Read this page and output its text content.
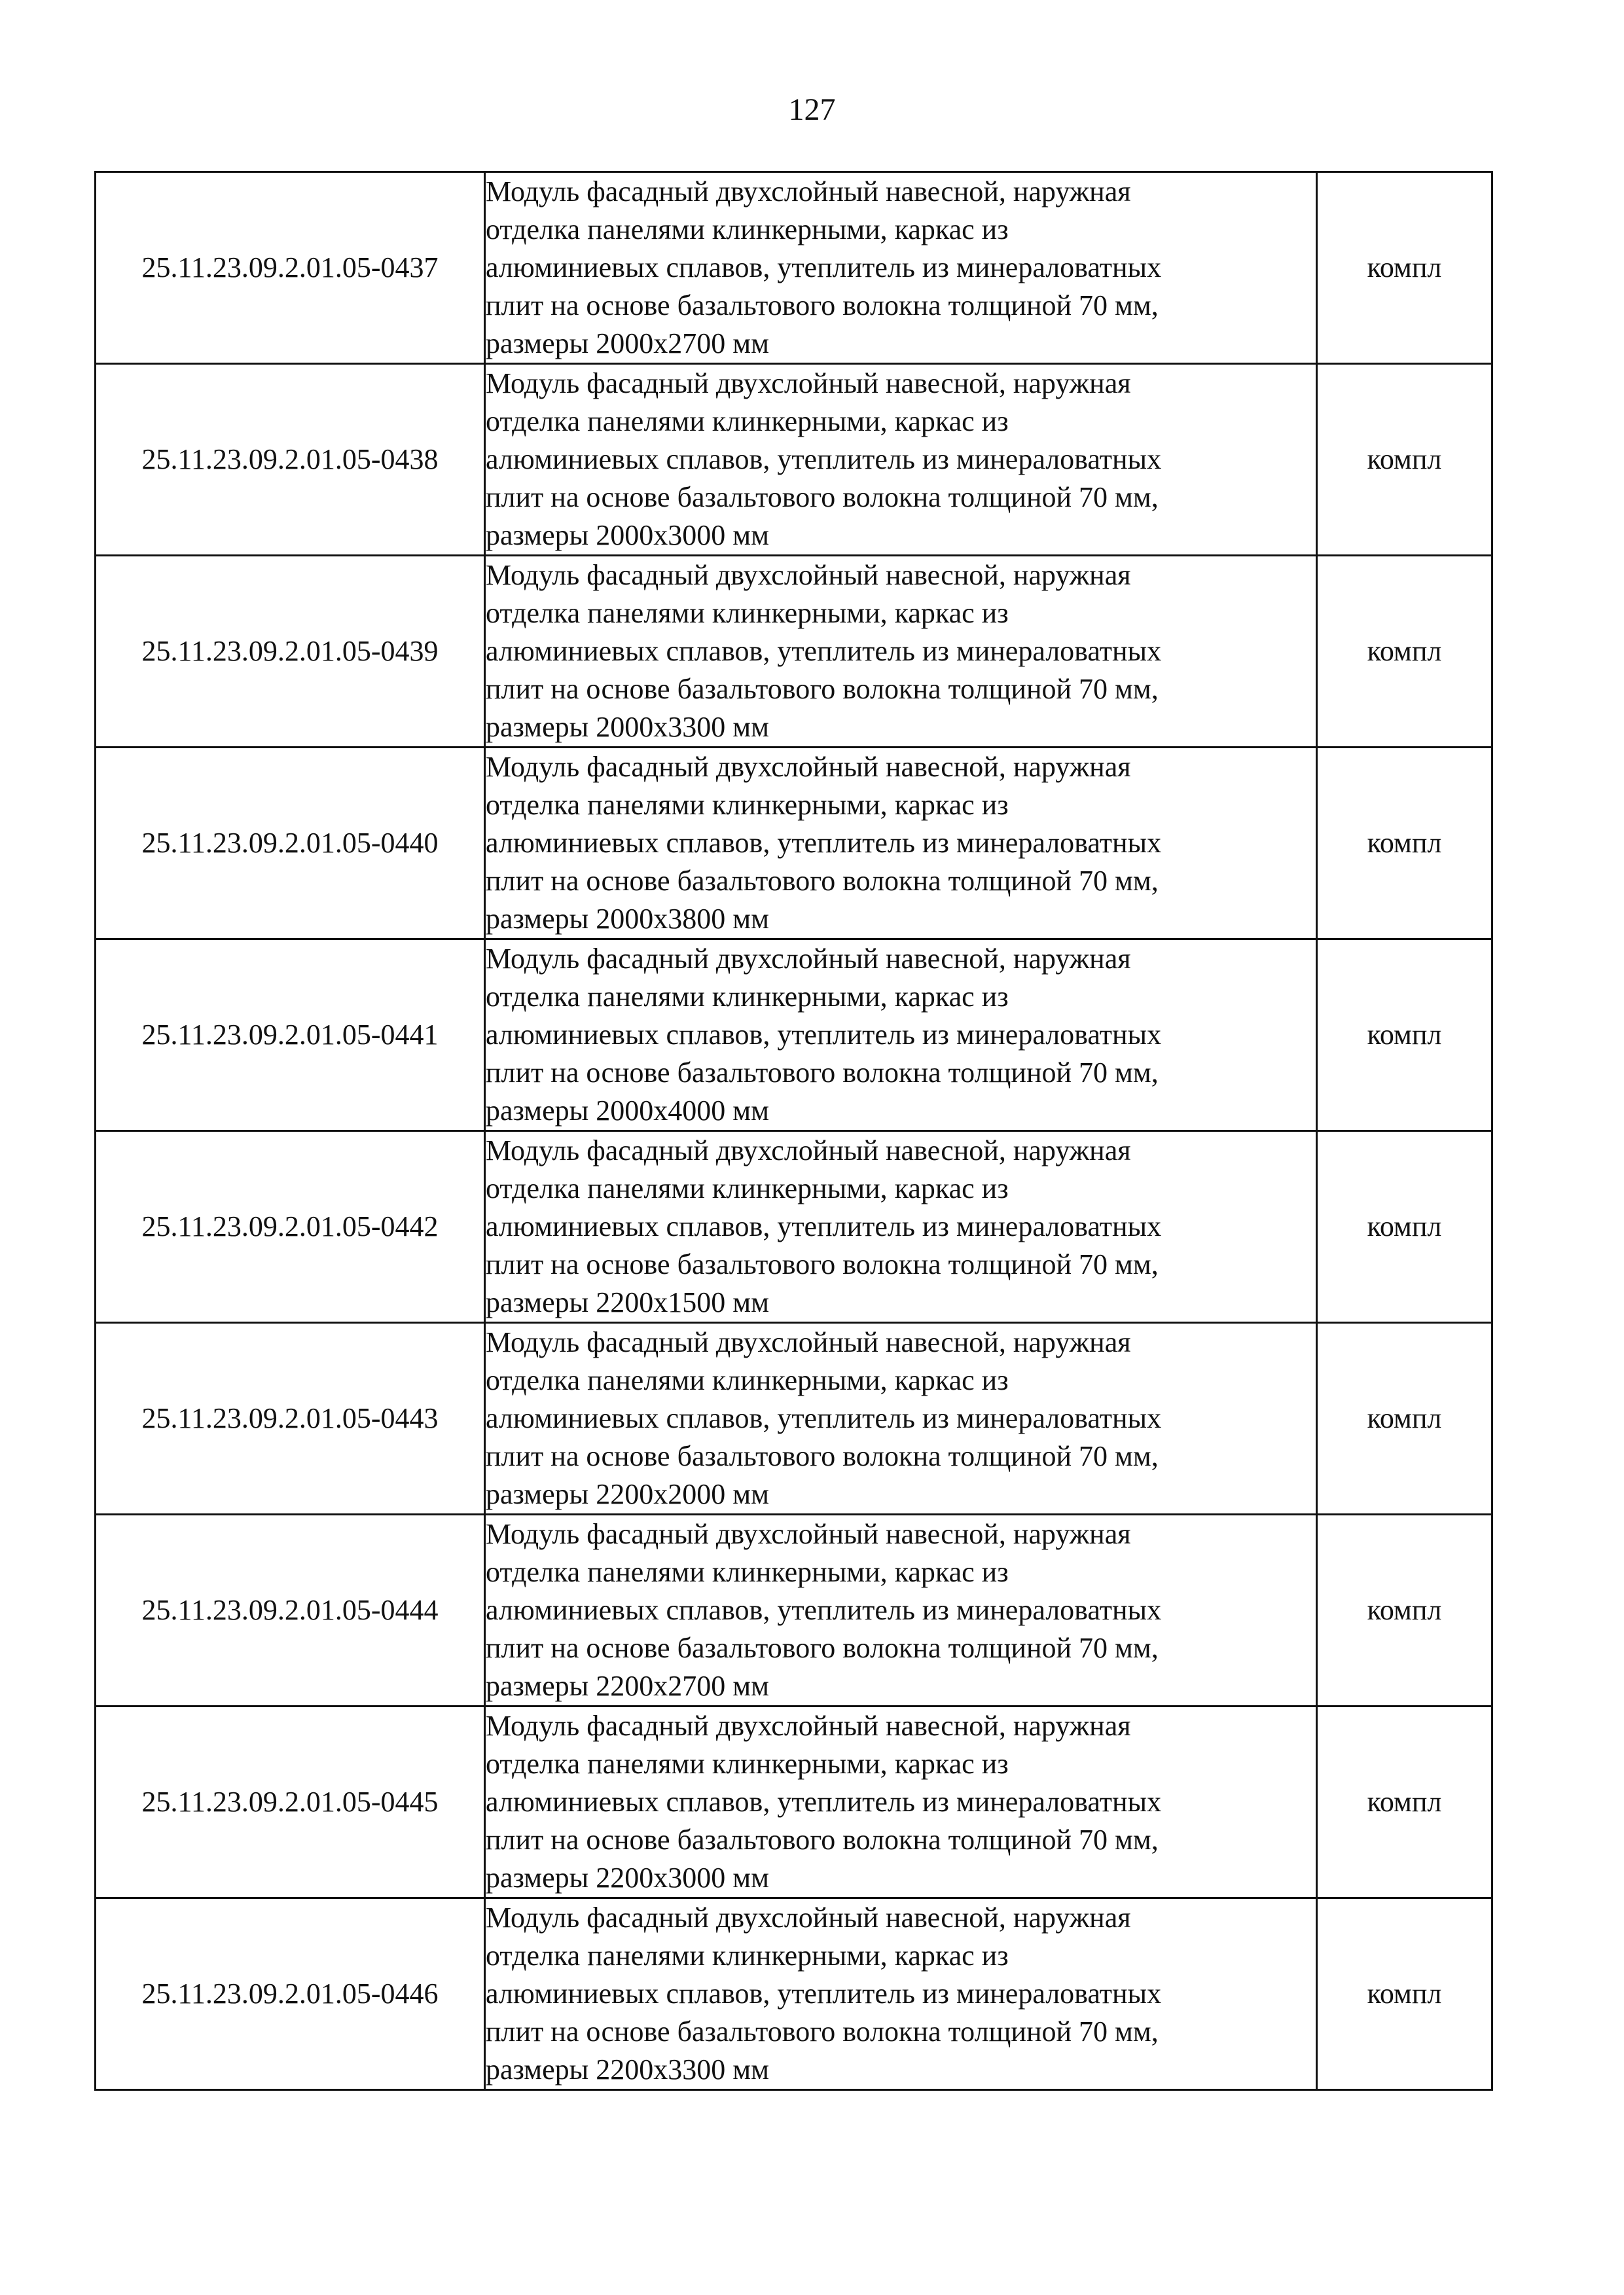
127
25.11.23.09.2.01.05-0437	Модуль фасадный двухслойный навесной, наружная
отделка панелями клинкерными, каркас из
алюминиевых сплавов, утеплитель из минераловатных
плит на основе базальтового волокна толщиной 70 мм,
размеры 2000х2700 мм	компл
25.11.23.09.2.01.05-0438	Модуль фасадный двухслойный навесной, наружная
отделка панелями клинкерными, каркас из
алюминиевых сплавов, утеплитель из минераловатных
плит на основе базальтового волокна толщиной 70 мм,
размеры 2000х3000 мм	компл
25.11.23.09.2.01.05-0439	Модуль фасадный двухслойный навесной, наружная
отделка панелями клинкерными, каркас из
алюминиевых сплавов, утеплитель из минераловатных
плит на основе базальтового волокна толщиной 70 мм,
размеры 2000х3300 мм	компл
25.11.23.09.2.01.05-0440	Модуль фасадный двухслойный навесной, наружная
отделка панелями клинкерными, каркас из
алюминиевых сплавов, утеплитель из минераловатных
плит на основе базальтового волокна толщиной 70 мм,
размеры 2000х3800 мм	компл
25.11.23.09.2.01.05-0441	Модуль фасадный двухслойный навесной, наружная
отделка панелями клинкерными, каркас из
алюминиевых сплавов, утеплитель из минераловатных
плит на основе базальтового волокна толщиной 70 мм,
размеры 2000х4000 мм	компл
25.11.23.09.2.01.05-0442	Модуль фасадный двухслойный навесной, наружная
отделка панелями клинкерными, каркас из
алюминиевых сплавов, утеплитель из минераловатных
плит на основе базальтового волокна толщиной 70 мм,
размеры 2200х1500 мм	компл
25.11.23.09.2.01.05-0443	Модуль фасадный двухслойный навесной, наружная
отделка панелями клинкерными, каркас из
алюминиевых сплавов, утеплитель из минераловатных
плит на основе базальтового волокна толщиной 70 мм,
размеры 2200х2000 мм	компл
25.11.23.09.2.01.05-0444	Модуль фасадный двухслойный навесной, наружная
отделка панелями клинкерными, каркас из
алюминиевых сплавов, утеплитель из минераловатных
плит на основе базальтового волокна толщиной 70 мм,
размеры 2200х2700 мм	компл
25.11.23.09.2.01.05-0445	Модуль фасадный двухслойный навесной, наружная
отделка панелями клинкерными, каркас из
алюминиевых сплавов, утеплитель из минераловатных
плит на основе базальтового волокна толщиной 70 мм,
размеры 2200х3000 мм	компл
25.11.23.09.2.01.05-0446	Модуль фасадный двухслойный навесной, наружная
отделка панелями клинкерными, каркас из
алюминиевых сплавов, утеплитель из минераловатных
плит на основе базальтового волокна толщиной 70 мм,
размеры 2200х3300 мм	компл
